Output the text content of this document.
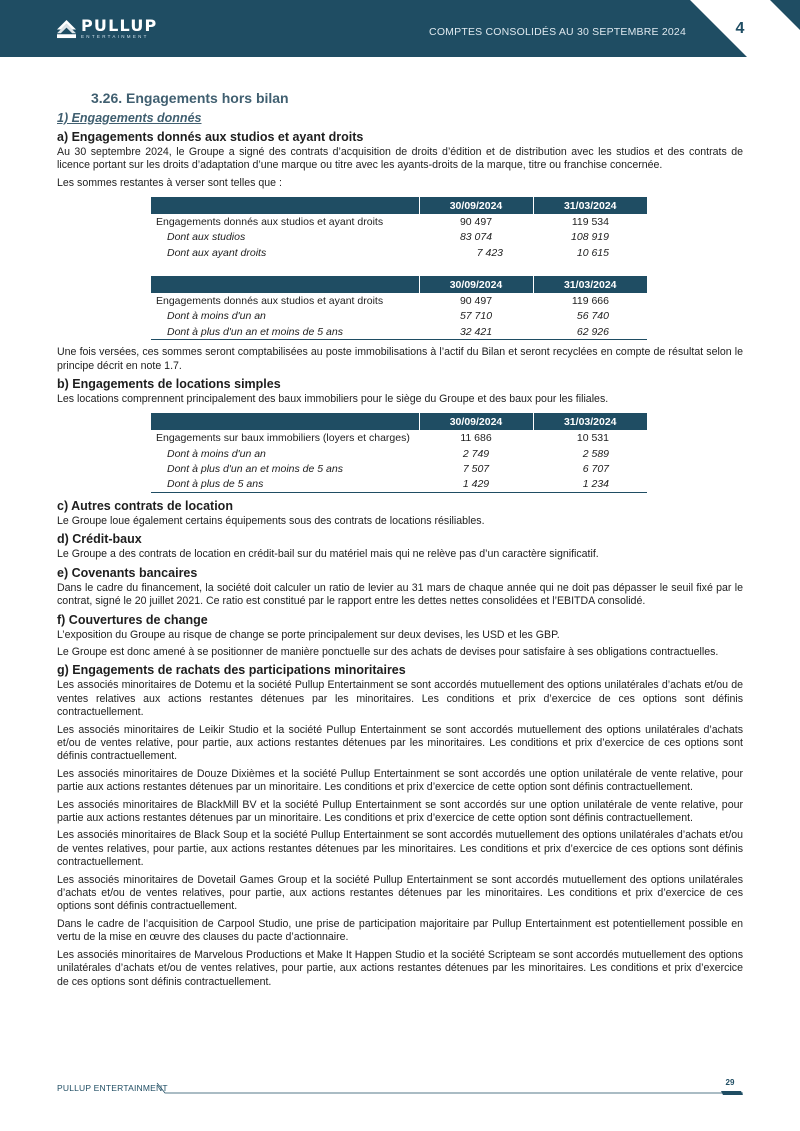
PULLUP
ENTERTAINMENT	COMPTES CONSOLIDÉS AU 30 SEPTEMBRE 2024	4
3.26. Engagements hors bilan
1) Engagements donnés
a) Engagements donnés aux studios et ayant droits
Au 30 septembre 2024, le Groupe a signé des contrats d’acquisition de droits d’édition et de distribution avec les studios et des contrats de licence portant sur les droits d’adaptation d’une marque ou titre avec les ayants-droits de la marque, titre ou franchise concernée.
Les sommes restantes à verser sont telles que :
	30/09/2024	31/03/2024
Engagements donnés aux studios et ayant droits	90 497	119 534
Dont aux studios	83 074	108 919
Dont aux ayant droits	7 423	10 615

	30/09/2024	31/03/2024
Engagements donnés aux studios et ayant droits	90 497	119 666
Dont à moins d'un an	57 710	56 740
Dont à plus d'un an et moins de 5 ans	32 421	62 926
Une fois versées, ces sommes seront comptabilisées au poste immobilisations à l’actif du Bilan et seront recyclées en compte de résultat selon le principe décrit en note 1.7.
b) Engagements de locations simples
Les locations comprennent principalement des baux immobiliers pour le siège du Groupe et des baux pour les filiales.
	30/09/2024	31/03/2024
Engagements sur baux immobiliers (loyers et charges)	11 686	10 531
Dont à moins d'un an	2 749	2 589
Dont à plus d'un an et moins de 5 ans	7 507	6 707
Dont à plus de 5 ans	1 429	1 234
c) Autres contrats de location
Le Groupe loue également certains équipements sous des contrats de locations résiliables.
d) Crédit-baux
Le Groupe a des contrats de location en crédit-bail sur du matériel mais qui ne relève pas d’un caractère significatif.
e) Covenants bancaires
Dans le cadre du financement, la société doit calculer un ratio de levier au 31 mars de chaque année qui ne doit pas dépasser le seuil fixé par le contrat, signé le 20 juillet 2021. Ce ratio est constitué par le rapport entre les dettes nettes consolidées et l’EBITDA consolidé.
f) Couvertures de change
L’exposition du Groupe au risque de change se porte principalement sur deux devises, les USD et les GBP.
Le Groupe est donc amené à se positionner de manière ponctuelle sur des achats de devises pour satisfaire à ses obligations contractuelles.
g) Engagements de rachats des participations minoritaires
Les associés minoritaires de Dotemu et la société Pullup Entertainment se sont accordés mutuellement des options unilatérales d’achats et/ou de ventes relatives aux actions restantes détenues par les minoritaires. Les conditions et prix d’exercice de ces options sont définis contractuellement.
Les associés minoritaires de Leikir Studio et la société Pullup Entertainment se sont accordés mutuellement des options unilatérales d’achats et/ou de ventes relative, pour partie, aux actions restantes détenues par les minoritaires. Les conditions et prix d’exercice de ces options sont définis contractuellement.
Les associés minoritaires de Douze Dixièmes et la société Pullup Entertainment se sont accordés une option unilatérale de vente relative, pour partie aux actions restantes détenues par un minoritaire. Les conditions et prix d’exercice de cette option sont définis contractuellement.
Les associés minoritaires de BlackMill BV et la société Pullup Entertainment se sont accordés sur une option unilatérale de vente relative, pour partie aux actions restantes détenues par un minoritaire. Les conditions et prix d’exercice de cette option sont définis contractuellement.
Les associés minoritaires de Black Soup et la société Pullup Entertainment se sont accordés mutuellement des options unilatérales d’achats et/ou de ventes relatives, pour partie, aux actions restantes détenues par les minoritaires. Les conditions et prix d’exercice de ces options sont définis contractuellement.
Les associés minoritaires de Dovetail Games Group et la société Pullup Entertainment se sont accordés mutuellement des options unilatérales d’achats et/ou de ventes relatives, pour partie, aux actions restantes détenues par les minoritaires. Les conditions et prix d’exercice de ces options sont définis contractuellement.
Dans le cadre de l’acquisition de Carpool Studio, une prise de participation majoritaire par Pullup Entertainment est potentiellement possible en vertu de la mise en œuvre des clauses du pacte d’actionnaire.
Les associés minoritaires de Marvelous Productions et Make It Happen Studio et la société Scripteam se sont accordés mutuellement des options unilatérales d’achats et/ou de ventes relatives, pour partie, aux actions restantes détenues par les minoritaires. Les conditions et prix d’exercice de ces options sont définis contractuellement.
PULLUP ENTERTAINMENT
29
